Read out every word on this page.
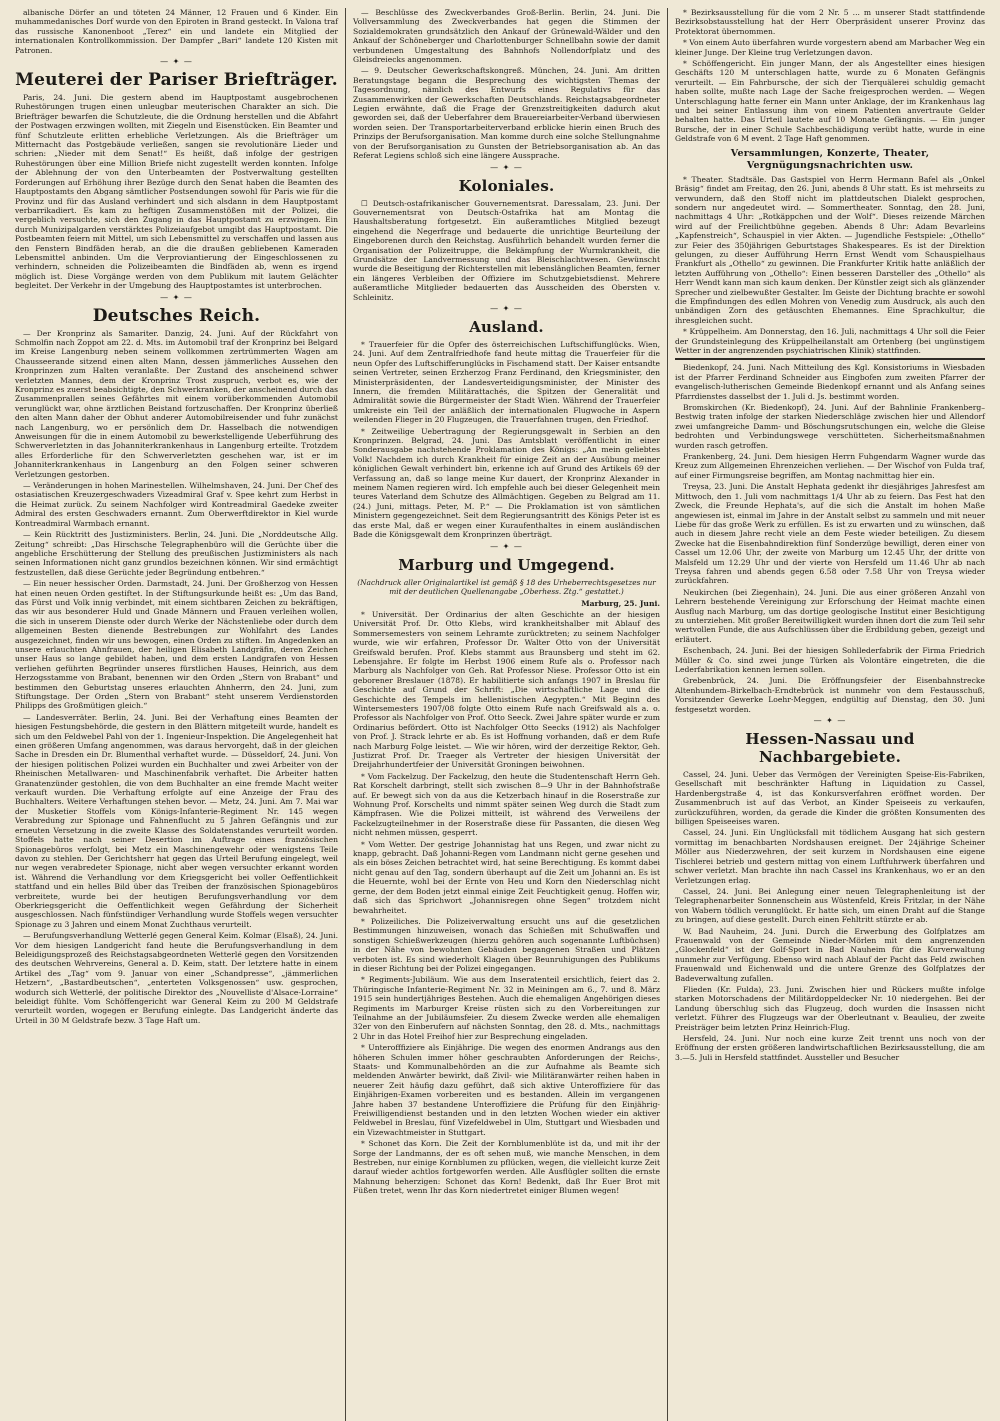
albanische Dörfer an und töteten 24 Männer, 12 Frauen und 6 Kinder. Ein muhammedanisches Dorf wurde von den Epiroten in Brand gesteckt. In Valona traf das russische Kanonenboot „Terez“ ein und landete ein Mitglied der internationalen Kontrollkommission. Der Dampfer „Bari“ landete 120 Kisten mit Patronen.

— ✦ —
Meuterei der Pariser Briefträger.

Paris, 24. Juni. Die gestern abend im Hauptpostamt ausgebrochenen Ruhestörungen trugen einen unleugbar meuterischen Charakter an sich. Die Briefträger bewarfen die Schutzleute, die die Ordnung herstellen und die Abfahrt der Postwagen erzwingen wollten, mit Ziegeln und Eisenstücken. Ein Beamter und fünf Schutzleute erlitten erhebliche Verletzungen. Als die Briefträger um Mitternacht das Postgebäude verließen, sangen sie revolutionäre Lieder und schrien: „Nieder mit dem Senat!“ Es heißt, daß infolge der gestrigen Ruhestörungen über eine Million Briefe nicht zugestellt werden konnten. Infolge der Ablehnung der von den Unterbeamten der Postverwaltung gestellten Forderungen auf Erhöhung ihrer Bezüge durch den Senat haben die Beamten des Hauptpostamts den Abgang sämtlicher Postsendungen sowohl für Paris wie für die Provinz und für das Ausland verhindert und sich alsdann in dem Hauptpostamt verbarrikadiert. Es kam zu heftigen Zusammenstößen mit der Polizei, die vergeblich versuchte, sich den Zugang in das Hauptpostamt zu erzwingen. Ein durch Munizipalgarden verstärktes Polizeiaufgebot umgibt das Hauptpostamt. Die Postbeamten feiern mit Mittel, um sich Lebensmittel zu verschaffen und lassen aus den Fenstern Bindfäden herab, an die die draußen gebliebenen Kameraden Lebensmittel anbinden. Um die Verproviantierung der Eingeschlossenen zu verhindern, schneiden die Polizeibeamten die Bindfäden ab, wenn es irgend möglich ist. Diese Vorgänge werden von dem Publikum mit lautem Gelächter begleitet. Der Verkehr in der Umgebung des Hauptpostamtes ist unterbrochen.

— ✦ —
Deutsches Reich.

— Der Kronprinz als Samariter. Danzig, 24. Juni. Auf der Rückfahrt von Schmolfin nach Zoppot am 22. d. Mts. im Automobil traf der Kronprinz bei Belgard im Kreise Langenburg neben seinem vollkommen zertrümmerten Wagen am Chausseerande sitzend einen alten Mann, dessen jämmerliches Aussehen den Kronprinzen zum Halten veranlaßte. Der Zustand des anscheinend schwer verletzten Mannes, dem der Kronprinz Trost zuspruch, verbot es, wie der Kronprinz es zuerst beabsichtigte, den Schwerkranken, der anscheinend durch das Zusammenprallen seines Gefährtes mit einem vorüberkommenden Automobil verunglückt war, ohne ärztlichen Beistand fortzuschaffen. Der Kronprinz überließ den alten Mann daher der Obhut anderer Automobilreisender und fuhr zunächst nach Langenburg, wo er persönlich dem Dr. Hasselbach die notwendigen Anweisungen für die in einem Automobil zu bewerkstelligende Ueberführung des Schwerverletzten in das Johanniterkrankenhaus in Langenburg erteilte. Trotzdem alles Erforderliche für den Schwerverletzten geschehen war, ist er im Johanniterkrankenhaus in Langenburg an den Folgen seiner schweren Verletzungen gestorben.

— Veränderungen in hohen Marinestellen. Wilhelmshaven, 24. Juni. Der Chef des ostasiatischen Kreuzergeschwaders Vizeadmiral Graf v. Spee kehrt zum Herbst in die Heimat zurück. Zu seinem Nachfolger wird Kontreadmiral Gaedeke zweiter Admiral des ersten Geschwaders ernannt. Zum Oberwerftdirektor in Kiel wurde Kontreadmiral Warmbach ernannt.

— Kein Rücktritt des Justizministers. Berlin, 24. Juni. Die „Norddeutsche Allg. Zeitung“ schreibt: „Das Hirschsche Telegraphenbüro will die Gerüchte über die angebliche Erschütterung der Stellung des preußischen Justizministers als nach seinen Informationen nicht ganz grundlos bezeichnen können. Wir sind ermächtigt festzustellen, daß diese Gerüchte jeder Begründung entbehren.“

— Ein neuer hessischer Orden. Darmstadt, 24. Juni. Der Großherzog von Hessen hat einen neuen Orden gestiftet. In der Stiftungsurkunde heißt es: „Um das Band, das Fürst und Volk innig verbindet, mit einem sichtbaren Zeichen zu bekräftigen, das wir aus besonderer Huld und Gnade Männern und Frauen verleihen wollen, die sich in unserem Dienste oder durch Werke der Nächstenliebe oder durch dem allgemeinen Besten dienende Bestrebungen zur Wohlfahrt des Landes ausgezeichnet, finden wir uns bewogen, einen Orden zu stiften. Im Angedenken an unsere erlauchten Ahnfrauen, der heiligen Elisabeth Landgräfin, deren Zeichen unser Haus so lange gebildet haben, und dem ersten Landgrafen von Hessen verliehen geführten Begründer unseres fürstlichen Hauses, Heinrich, aus dem Herzogsstamme von Brabant, benennen wir den Orden „Stern von Brabant“ und bestimmen den Geburtstag unseres erlauchten Ahnherrn, den 24. Juni, zum Stiftungstage. Der Orden „Stern von Brabant“ steht unserem Verdienstorden Philipps des Großmütigen gleich.“

— Landesverräter. Berlin, 24. Juni. Bei der Verhaftung eines Beamten der hiesigen Festungsbehörde, die gestern in den Blättern mitgeteilt wurde, handelt es sich um den Feldwebel Pahl von der 1. Ingenieur-Inspektion. Die Angelegenheit hat einen größeren Umfang angenommen, was daraus hervorgeht, daß in der gleichen Sache in Dresden ein Dr. Blumenthal verhaftet wurde. — Düsseldorf, 24. Juni. Von der hiesigen politischen Polizei wurden ein Buchhalter und zwei Arbeiter von der Rheinischen Metallwaren- und Maschinenfabrik verhaftet. Die Arbeiter hatten Granatenzünder gestohlen, die von dem Buchhalter an eine fremde Macht weiter verkauft wurden. Die Verhaftung erfolgte auf eine Anzeige der Frau des Buchhalters. Weitere Verhaftungen stehen bevor. — Metz, 24. Juni. Am 7. Mai war der Musketier Stoffels vom Königs-Infanterie-Regiment Nr. 145 wegen Verabredung zur Spionage und Fahnenflucht zu 5 Jahren Gefängnis und zur erneuten Versetzung in die zweite Klasse des Soldatenstandes verurteilt worden. Stoffels hatte nach seiner Desertion im Auftrage eines französischen Spionagebüros verfolgt, bei Metz ein Maschinengewehr oder wenigstens Teile davon zu stehlen. Der Gerichtsherr hat gegen das Urteil Berufung eingelegt, weil nur wegen verabredeter Spionage, nicht aber wegen versuchter erkannt worden ist. Während die Verhandlung vor dem Kriegsgericht bei voller Oeffentlichkeit stattfand und ein helles Bild über das Treiben der französischen Spionagebüros verbreitete, wurde bei der heutigen Berufungsverhandlung vor dem Oberkriegsgericht die Oeffentlichkeit wegen Gefährdung der Sicherheit ausgeschlossen. Nach fünfstündiger Verhandlung wurde Stoffels wegen versuchter Spionage zu 3 Jahren und einem Monat Zuchthaus verurteilt.

— Berufungsverhandlung Wetterlé gegen General Keim. Kolmar (Elsaß), 24. Juni. Vor dem hiesigen Landgericht fand heute die Berufungsverhandlung in dem Beleidigungsprozeß des Reichstagsabgeordneten Wetterlé gegen den Vorsitzenden des deutschen Wehrvereins, General a. D. Keim, statt. Der letztere hatte in einem Artikel des „Tag“ vom 9. Januar von einer „Schandpresse“, „jämmerlichen Hetzern“, „Bastardbeutschen“, „enterteten Volksgenossen“ usw. gesprochen, wodurch sich Wetterlé, der politische Direktor des „Nouvelliste d'Alsace-Lorraine“ beleidigt fühlte. Vom Schöffengericht war General Keim zu 200 M Geldstrafe verurteilt worden, wogegen er Berufung einlegte. Das Landgericht änderte das Urteil in 30 M Geldstrafe bezw. 3 Tage Haft um.

— Beschlüsse des Zweckverbandes Groß-Berlin. Berlin, 24. Juni. Die Vollversammlung des Zweckverbandes hat gegen die Stimmen der Sozialdemokraten grundsätzlich den Ankauf der Grünewald-Wälder und den Ankauf der Schöneberger und Charlottenburger Schnellbahn sowie der damit verbundenen Umgestaltung des Bahnhofs Nollendorfplatz und des Gleisdreiecks angenommen.

— 9. Deutscher Gewerkschaftskongreß. München, 24. Juni. Am dritten Beratungstage begann die Besprechung des wichtigsten Themas der Tagesordnung, nämlich des Entwurfs eines Regulativs für das Zusammenwirken der Gewerkschaften Deutschlands. Reichstagsabgeordneter Legien erwähnte, daß die Frage der Grenzstreitigkeiten dadurch akut geworden sei, daß der Ueberfahrer dem Brauereiarbeiter-Verband überwiesen worden seien. Der Transportarbeiterverband erblicke hierin einen Bruch des Prinzips der Berufsorganisation. Man komme durch eine solche Stellungnahme von der Berufsorganisation zu Gunsten der Betriebsorganisation ab. An das Referat Legiens schloß sich eine längere Aussprache.

— ✦ —
Koloniales.

☐ Deutsch-ostafrikanischer Gouvernementsrat. Daressalam, 23. Juni. Der Gouvernementsrat von Deutsch-Ostafrika hat am Montag die Haushaltsberatung fortgesetzt. Ein außeramtliches Mitglied bezeugt eingehend die Negerfrage und bedauerte die unrichtige Beurteilung der Eingeborenen durch den Reichstag. Ausführlich behandelt wurden ferner die Organisation der Polizeitruppe, die Bekämpfung der Wurmkrankheit, die Grundsätze der Landvermessung und das Bleischlachtwesen. Gewünscht wurde die Beseitigung der Richterstellen mit lebenslänglichen Beamten, ferner ein längeres Verbleiben der Offiziere im Schutzgebietsdienst. Mehrere außeramtliche Mitglieder bedauerten das Ausscheiden des Obersten v. Schleinitz.

— ✦ —
Ausland.

* Trauerfeier für die Opfer des österreichischen Luftschiffunglücks. Wien, 24. Juni. Auf dem Zentralfriedhofe fand heute mittag die Trauerfeier für die neun Opfer des Luftschifferunglücks in Fischamend statt. Der Kaiser entsandte seinen Vertreter, seinen Erzherzog Franz Ferdinand, den Kriegsminister, den Ministerpräsidenten, der Landesverteidigungsminister, der Minister des Innern, die fremden Militärattachés, die Spitzen der Generalität und Admiralität sowie die Bürgermeister der Stadt Wien. Während der Trauerfeier umkreiste ein Teil der anläßlich der internationalen Flugwoche in Aspern weilenden Flieger in 20 Flugzeugen, die Trauerfahnen trugen, den Friedhof.

* Zeitweilige Uebertragung der Regierungsgewalt in Serbien an den Kronprinzen. Belgrad, 24. Juni. Das Amtsblatt veröffentlicht in einer Sonderausgabe nachstehende Proklamation des Königs: „An mein geliebtes Volk! Nachdem ich durch Krankheit für einige Zeit an der Ausübung meiner königlichen Gewalt verhindert bin, erkenne ich auf Grund des Artikels 69 der Verfassung an, daß so lange meine Kur dauert, der Kronprinz Alexander in meinem Namen regieren wird. Ich empfehle auch bei dieser Gelegenheit mein teures Vaterland dem Schutze des Allmächtigen. Gegeben zu Belgrad am 11. (24.) Juni, mittags. Peter, M. P.“ — Die Proklamation ist von sämtlichen Ministern gegengezeichnet. Seit dem Regierungsantritt des Königs Peter ist es das erste Mal, daß er wegen einer Kuraufenthaltes in einem ausländischen Bade die Königsgewalt dem Kronprinzen überträgt.

— ✦ —
Marburg und Umgegend.
(Nachdruck aller Originalartikel ist gemäß § 18 des Urheberrechtsgesetzes nur mit der deutlichen Quellenangabe „Oberhess. Ztg.“ gestattet.)
Marburg, 25. Juni.

* Universität. Der Ordinarius der alten Geschichte an der hiesigen Universität Prof. Dr. Otto Klebs, wird krankheitshalber mit Ablauf des Sommersemesters von seinem Lehramte zurücktreten; zu seinem Nachfolger wurde, wie wir erfahren, Professor Dr. Walter Otto von der Universität Greifswald berufen. Prof. Klebs stammt aus Braunsberg und steht im 62. Lebensjahre. Er folgte im Herbst 1906 einem Rufe als o. Professor nach Marburg als Nachfolger von Geh. Rat Professor Niese. Professor Otto ist ein geborener Breslauer (1878). Er habilitierte sich anfangs 1907 in Breslau für Geschichte auf Grund der Schrift: „Die wirtschaftliche Lage und die Geschichte des Tempels im hellenistischen Aegypten.“ Mit Beginn des Wintersemesters 1907/08 folgte Otto einem Rufe nach Greifswald als a. o. Professor als Nachfolger von Prof. Otto Seeck. Zwei Jahre später wurde er zum Ordinarius befördert. Otto ist Nachfolger Otto Seecks (1912) als Nachfolger von Prof. J. Strack lehrte er ab. Es ist Hoffnung vorhanden, daß er dem Rufe nach Marburg Folge leistet. — Wie wir hören, wird der derzeitige Rektor, Geh. Justizrat Prof. Dr. Traeger als Vertreter der hiesigen Universität der Dreijahrhundertfeier der Universität Groningen beiwohnen.

* Vom Fackelzug. Der Fackelzug, den heute die Studentenschaft Herrn Geh. Rat Korschelt darbringt, stellt sich zwischen 8—9 Uhr in der Bahnhofstraße auf. Er bewegt sich von da aus die Ketzerbach hinauf in die Roserstraße zur Wohnung Prof. Korschelts und nimmt später seinen Weg durch die Stadt zum Kämpfrasen. Wie die Polizei mitteilt, ist während des Verweilens der Fackelzugteilnehmer in der Roserstraße diese für Passanten, die diesen Weg nicht nehmen müssen, gesperrt.

* Vom Wetter. Der gestrige Johannistag hat uns Regen, und zwar nicht zu knapp, gebracht. Daß Johanni-Regen vom Landmann nicht gerne gesehen und als ein böses Zeichen betrachtet wird, hat seine Berechtigung. Es kommt dabei nicht genau auf den Tag, sondern überhaupt auf die Zeit um Johanni an. Es ist die Heuernte, wohl bei der Ernte von Heu und Korn den Niederschlag nicht gerne, der dem Boden jetzt einmal einige Zeit Feuchtigkeit genug. Hoffen wir, daß sich das Sprichwort „Johannisregen ohne Segen“ trotzdem nicht bewahrheitet.

* Polizeiliches. Die Polizeiverwaltung ersucht uns auf die gesetzlichen Bestimmungen hinzuweisen, wonach das Schießen mit Schußwaffen und sonstigen Schießwerkzeugen (hierzu gehören auch sogenannte Luftbüchsen) in der Nähe von bewohnten Gebäuden begangenen Straßen und Plätzen verboten ist. Es sind wiederholt Klagen über Beunruhigungen des Publikums in dieser Richtung bei der Polizei eingegangen.

* Regiments-Jubiläum. Wie aus dem Inseratenteil ersichtlich, feiert das 2. Thüringische Infanterie-Regiment Nr. 32 in Meiningen am 6., 7. und 8. März 1915 sein hundertjähriges Bestehen. Auch die ehemaligen Angehörigen dieses Regiments im Marburger Kreise rüsten sich zu den Vorbereitungen zur Teilnahme an der Jubiläumsfeier. Zu diesem Zwecke werden alle ehemaligen 32er von den Einberufern auf nächsten Sonntag, den 28. d. Mts., nachmittags 2 Uhr in das Hotel Freihof hier zur Besprechung eingeladen.

* Unterofffiziere als Einjährige. Die wegen des enormen Andrangs aus den höheren Schulen immer höher geschraubten Anforderungen der Reichs-, Staats- und Kommunalbehörden an die zur Aufnahme als Beamte sich meldenden Anwärter bewirkt, daß Zivil- wie Militäranwärter reihen haben in neuerer Zeit häufig dazu geführt, daß sich aktive Unteroffiziere für das Einjährigen-Examen vorbereiten und es bestanden. Allein im vergangenen Jahre haben 37 bestandene Unteroffiziere die Prüfung für den Einjährig-Freiwilligendienst bestanden und in den letzten Wochen wieder ein aktiver Feldwebel in Breslau, fünf Vizefeldwebel in Ulm, Stuttgart und Wiesbaden und ein Vizewachtmeister in Stuttgart.

* Schonet das Korn. Die Zeit der Kornblumenblüte ist da, und mit ihr der Sorge der Landmanns, der es oft sehen muß, wie manche Menschen, in dem Bestreben, nur einige Kornblumen zu pflücken, wegen, die vielleicht kurze Zeit darauf wieder achtlos fortgeworfen werden. Alle Ausflügler sollten die ernste Mahnung beherzigen: Schonet das Korn! Bedenkt, daß Ihr Euer Brot mit Füßen tretet, wenn Ihr das Korn niedertretet einiger Blumen wegen!

* Bezirksausstellung für die vom 2 Nr. 5 ... m unserer Stadt stattfindende Bezirksobstausstellung hat der Herr Oberpräsident unserer Provinz das Protektorat übernommen.

* Von einem Auto überfahren wurde vorgestern abend am Marbacher Weg ein kleiner Junge. Der Kleine trug Verletzungen davon.

* Schöffengericht. Ein junger Mann, der als Angestellter eines hiesigen Geschäfts 120 M unterschlagen hatte, wurde zu 6 Monaten Gefängnis verurteilt. — Ein Fahrbursche, der sich der Tierquälerei schuldig gemacht haben sollte, mußte nach Lage der Sache freigesprochen werden. — Wegen Unterschlagung hatte ferner ein Mann unter Anklage, der im Krankenhaus lag und bei seiner Entlassung ihm von einem Patienten anvertraute Gelder behalten hatte. Das Urteil lautete auf 10 Monate Gefängnis. — Ein junger Bursche, der in einer Schule Sachbeschädigung verübt hatte, wurde in eine Geldstrafe von 6 M event. 2 Tage Haft genommen.

Versammlungen, Konzerte, Theater, Vergnügungsnachrichten usw.

* Theater. Stadtsäle. Das Gastspiel von Herrn Hermann Bafel als „Onkel Bräsig“ findet am Freitag, den 26. Juni, abends 8 Uhr statt. Es ist mehrseits zu verwundern, daß den Stoff nicht im plattdeutschen Dialekt gesprochen, sondern nur angedeutet wird. — Sommertheater. Sonntag, den 28. Juni, nachmittags 4 Uhr: „Rotkäppchen und der Wolf“. Dieses reizende Märchen wird auf der Freilichtbühne gegeben. Abends 8 Uhr: Adam Bevarleins „Kapfenstreich“, Schauspiel in vier Akten. — Jugendliche Festspiele: „Othello“ zur Feier des 350jährigen Geburtstages Shakespeares. Es ist der Direktion gelungen, zu dieser Aufführung Herrn Ernst Wendt vom Schauspielhaus Frankfurt als „Othello“ zu gewinnen. Die Frankfurter Kritik hatte anläßlich der letzten Aufführung von „Othello“: Einen besseren Darsteller des „Othello“ als Herr Wendt kann man sich kaum denken. Der Künstler zeigt sich als glänzender Sprecher und zielbewußter Gestalter. Im Geiste der Dichtung brachte er sowohl die Empfindungen des edlen Mohren von Venedig zum Ausdruck, als auch den unbändigen Zorn des getäuschten Ehemannes. Eine Sprachkultur, die ihresgleichen sucht.

* Krüppelheim. Am Donnerstag, den 16. Juli, nachmittags 4 Uhr soll die Feier der Grundsteinlegung des Krüppelheilanstalt am Ortenberg (bei ungünstigem Wetter in der angrenzenden psychiatrischen Klinik) stattfinden.

Biedenkopf, 24. Juni. Nach Mitteilung des Kgl. Konsistoriums in Wiesbaden ist der Pfarrer Ferdinand Schneider aus Eingbofen zum zweiten Pfarrer der evangelisch-lutherischen Gemeinde Biedenkopf ernannt und als Anfang seines Pfarrdienstes dasselbst der 1. Juli d. Js. bestimmt worden.

Bromskirchen (Kr. Biedenkopf), 24. Juni. Auf der Bahnlinie Frankenberg–Bestwig traten infolge der starken Niederschläge zwischen hier und Allendorf zwei umfangreiche Damm- und Böschungsrutschungen ein, welche die Gleise bedrohten und Verbindungswege verschütteten. Sicherheitsmaßnahmen wurden rasch getroffen.

Frankenberg, 24. Juni. Dem hiesigen Herrn Fuhgendarm Wagner wurde das Kreuz zum Allgemeinen Ehrenzeichen verliehen. — Der Wischof von Fulda traf, auf einer Firmungsreise begriffen, am Montag nachmittag hier ein.

Treysa, 23. Juni. Die Anstalt Hephata gedenkt ihr diesjähriges Jahresfest am Mittwoch, den 1. Juli vom nachmittags 1/4 Uhr ab zu feiern. Das Fest hat den Zweck, die Freunde Hephata's, auf die sich die Anstalt im hohen Maße angewiesen ist, einmal im Jahre in der Anstalt selbst zu sammeln und mit neuer Liebe für das große Werk zu erfüllen. Es ist zu erwarten und zu wünschen, daß auch in diesem Jahre recht viele an dem Feste wieder beteiligen. Zu diesem Zwecke hat die Eisenbahndirektion fünf Sonderzüge bewilligt, deren einer von Cassel um 12.06 Uhr, der zweite von Marburg um 12.45 Uhr, der dritte von Malsfeld um 12.29 Uhr und der vierte von Hersfeld um 11.46 Uhr ab nach Treysa fahren und abends gegen 6.58 oder 7.58 Uhr von Treysa wieder zurückfahren.

Neukirchen (bei Ziegenhain), 24. Juni. Die aus einer größeren Anzahl von Lehrern bestehende Vereinigung zur Erforschung der Heimat machte einen Ausflug nach Marburg, um das dortige geologische Institut einer Besichtigung zu unterziehen. Mit großer Bereitwilligkeit wurden ihnen dort die zum Teil sehr wertvollen Funde, die aus Aufschlüssen über die Erdbildung geben, gezeigt und erläutert.

Eschenbach, 24. Juni. Bei der hiesigen Sohllederfabrik der Firma Friedrich Müller & Co. sind zwei junge Türken als Volontäre eingetreten, die die Lederfabrikation kennen lernen sollen.

Grebenbrück, 24. Juni. Die Eröffnungsfeier der Eisenbahnstrecke Altenhundem–Birkelbach-Erndtebrück ist nunmehr von dem Festausschuß, Vorsitzender Gewerke Loehr-Meggen, endgültig auf Dienstag, den 30. Juni festgesetzt worden.

— ✦ —
Hessen-Nassau und Nachbargebiete.

Cassel, 24. Juni. Ueber das Vermögen der Vereinigten Speise-Eis-Fabriken, Gesellschaft mit beschränkter Haftung in Liquidation zu Cassel, Hardenbergstraße 4, ist das Konkursverfahren eröffnet worden. Der Zusammenbruch ist auf das Verbot, an Kinder Speiseeis zu verkaufen, zurückzuführen, worden, da gerade die Kinder die größten Konsumenten des billigen Speiseeises waren.

Cassel, 24. Juni. Ein Unglücksfall mit tödlichem Ausgang hat sich gestern vormittag im benachbarten Nordshausen ereignet. Der 24jährige Scheiner Möller aus Niederzwehren, der seit kurzem in Nordshausen eine eigene Tischlerei betrieb und gestern mittag von einem Luftfuhrwerk überfahren und schwer verletzt. Man brachte ihn nach Cassel ins Krankenhaus, wo er an den Verletzungen erlag.

Cassel, 24. Juni. Bei Anlegung einer neuen Telegraphenleitung ist der Telegraphenarbeiter Sonnenschein aus Wüstenfeld, Kreis Fritzlar, in der Nähe von Wabern tödlich verunglückt. Er hatte sich, um einen Draht auf die Stange zu bringen, auf diese gestellt. Durch einen Fehltritt stürzte er ab.

W. Bad Nauheim, 24. Juni. Durch die Erwerbung des Golfplatzes am Frauenwald von der Gemeinde Nieder-Mörlen mit dem angrenzenden „Glockenfeld“ ist der Golf-Sport in Bad Nauheim für die Kurverwaltung nunmehr zur Verfügung. Ebenso wird nach Ablauf der Pacht das Feld zwischen Frauenwald und Eichenwald und die untere Grenze des Golfplatzes der Badeverwaltung zufallen.

Flieden (Kr. Fulda), 23. Juni. Zwischen hier und Rückers mußte infolge starken Motorschadens der Militärdoppeldecker Nr. 10 niedergehen. Bei der Landung überschlug sich das Flugzeug, doch wurden die Insassen nicht verletzt. Führer des Flugzeugs war der Oberleutnant v. Beaulieu, der zweite Preisträger beim letzten Prinz Heinrich-Flug.

Hersfeld, 24. Juni. Nur noch eine kurze Zeit trennt uns noch von der Eröffnung der ersten größeren landwirtschaftlichen Bezirksausstellung, die am 3.—5. Juli in Hersfeld stattfindet. Aussteller und Besucher
